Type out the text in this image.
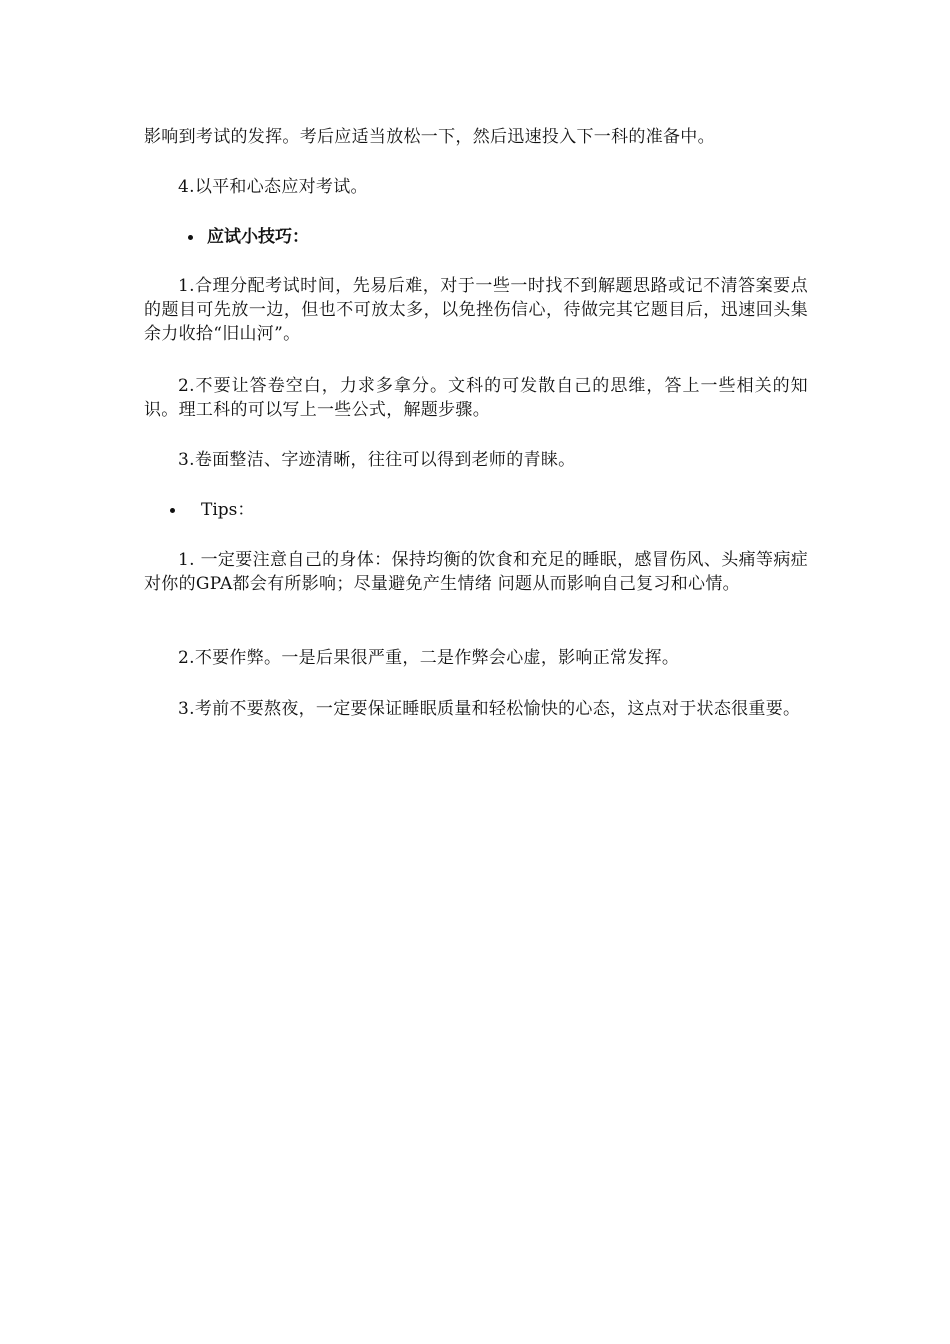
影响到考试的发挥。考后应适当放松一下，然后迅速投入下一科的准备中。

4.以平和心态应对考试。

应试小技巧：

1.合理分配考试时间，先易后难，对于一些一时找不到解题思路或记不清答案要点的题目可先放一边，但也不可放太多，以免挫伤信心，待做完其它题目后，迅速回头集余力收拾“旧山河”。

2.不要让答卷空白，力求多拿分。文科的可发散自己的思维，答上一些相关的知识。理工科的可以写上一些公式，解题步骤。

3.卷面整洁、字迹清晰，往往可以得到老师的青睐。

Tips：

1. 一定要注意自己的身体：保持均衡的饮食和充足的睡眠，感冒伤风、头痛等病症对你的GPA都会有所影响；尽量避免产生情绪 问题从而影响自己复习和心情。

2.不要作弊。一是后果很严重，二是作弊会心虚，影响正常发挥。

3.考前不要熬夜，一定要保证睡眠质量和轻松愉快的心态，这点对于状态很重要。
